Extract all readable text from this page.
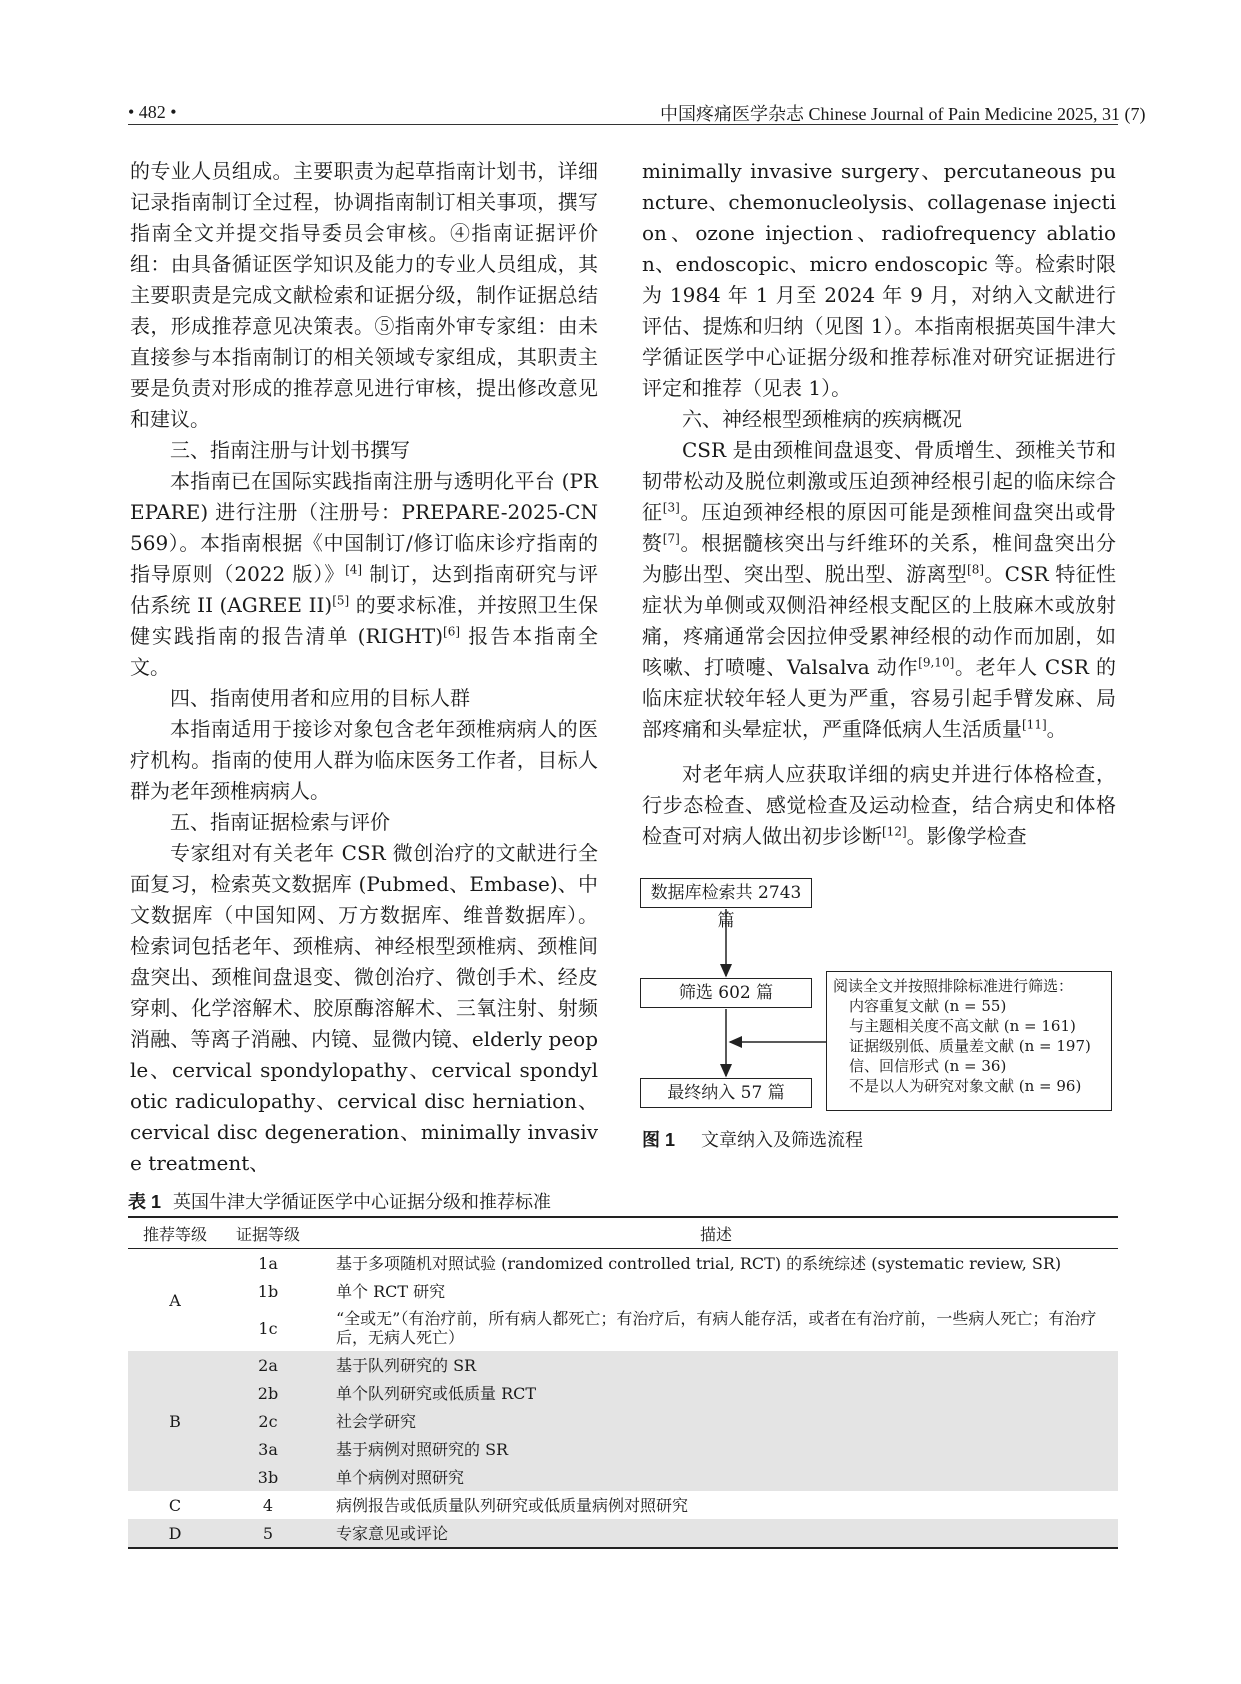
• 482 •	中国疼痛医学杂志 Chinese Journal of Pain Medicine 2025, 31 (7)

的专业人员组成。主要职责为起草指南计划书，详细记录指南制订全过程，协调指南制订相关事项，撰写指南全文并提交指导委员会审核。④指南证据评价组：由具备循证医学知识及能力的专业人员组成，其主要职责是完成文献检索和证据分级，制作证据总结表，形成推荐意见决策表。⑤指南外审专家组：由未直接参与本指南制订的相关领域专家组成，其职责主要是负责对形成的推荐意见进行审核，提出修改意见和建议。

三、指南注册与计划书撰写

本指南已在国际实践指南注册与透明化平台 (PREPARE) 进行注册（注册号：PREPARE-2025-CN569）。本指南根据《中国制订/修订临床诊疗指南的指导原则（2022 版）》[4] 制订，达到指南研究与评估系统 II (AGREE II)[5] 的要求标准，并按照卫生保健实践指南的报告清单 (RIGHT)[6] 报告本指南全文。

四、指南使用者和应用的目标人群

本指南适用于接诊对象包含老年颈椎病病人的医疗机构。指南的使用人群为临床医务工作者，目标人群为老年颈椎病病人。

五、指南证据检索与评价

专家组对有关老年 CSR 微创治疗的文献进行全面复习，检索英文数据库 (Pubmed、Embase)、中文数据库（中国知网、万方数据库、维普数据库）。检索词包括老年、颈椎病、神经根型颈椎病、颈椎间盘突出、颈椎间盘退变、微创治疗、微创手术、经皮穿刺、化学溶解术、胶原酶溶解术、三氧注射、射频消融、等离子消融、内镜、显微内镜、elderly people、cervical spondylopathy、cervical spondylotic radiculopathy、cervical disc herniation、cervical disc degeneration、minimally invasive treatment、

minimally invasive surgery、percutaneous puncture、chemonucleolysis、collagenase injection、ozone injection、radiofrequency ablation、endoscopic、micro endoscopic 等。检索时限为 1984 年 1 月至 2024 年 9 月，对纳入文献进行评估、提炼和归纳（见图 1）。本指南根据英国牛津大学循证医学中心证据分级和推荐标准对研究证据进行评定和推荐（见表 1）。

六、神经根型颈椎病的疾病概况

CSR 是由颈椎间盘退变、骨质增生、颈椎关节和韧带松动及脱位刺激或压迫颈神经根引起的临床综合征[3]。压迫颈神经根的原因可能是颈椎间盘突出或骨赘[7]。根据髓核突出与纤维环的关系，椎间盘突出分为膨出型、突出型、脱出型、游离型[8]。CSR 特征性症状为单侧或双侧沿神经根支配区的上肢麻木或放射痛，疼痛通常会因拉伸受累神经根的动作而加剧，如咳嗽、打喷嚏、Valsalva 动作[9,10]。老年人 CSR 的临床症状较年轻人更为严重，容易引起手臂发麻、局部疼痛和头晕症状，严重降低病人生活质量[11]。

对老年病人应获取详细的病史并进行体格检查，行步态检查、感觉检查及运动检查，结合病史和体格检查可对病人做出初步诊断[12]。影像学检查

数据库检索共 2743 篇
筛选 602 篇
最终纳入 57 篇
阅读全文并按照排除标准进行筛选：
内容重复文献 (n = 55)
与主题相关度不高文献 (n = 161)
证据级别低、质量差文献 (n = 197)
信、回信形式 (n = 36)
不是以人为研究对象文献 (n = 96)
图 1 文章纳入及筛选流程
表 1 英国牛津大学循证医学中心证据分级和推荐标准
推荐等级	证据等级	描述
A	1a	基于多项随机对照试验 (randomized controlled trial, RCT) 的系统综述 (systematic review, SR)
	1b	单个 RCT 研究
	1c	“全或无”（有治疗前，所有病人都死亡；有治疗后，有病人能存活，或者在有治疗前，一些病人死亡；有治疗后，无病人死亡）
B	2a	基于队列研究的 SR
	2b	单个队列研究或低质量 RCT
	2c	社会学研究
	3a	基于病例对照研究的 SR
	3b	单个病例对照研究
C	4	病例报告或低质量队列研究或低质量病例对照研究
D	5	专家意见或评论
